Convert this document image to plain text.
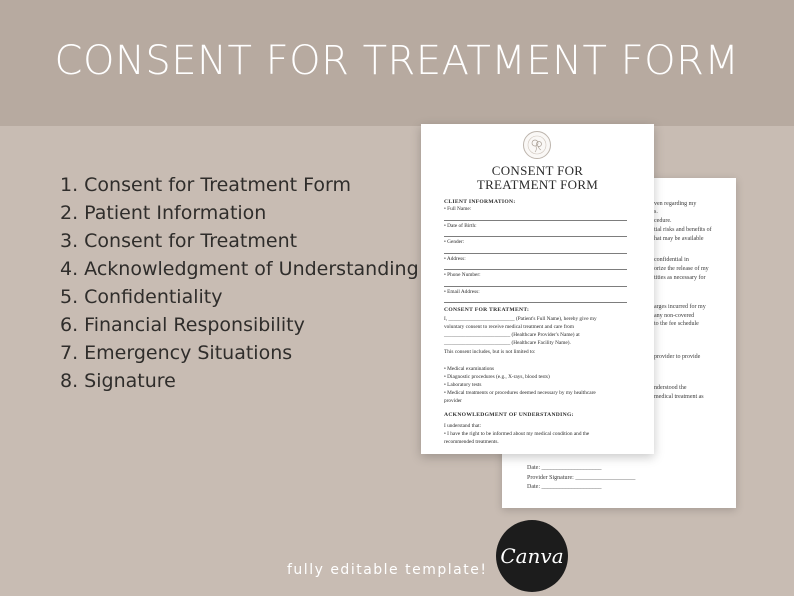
CONSENT FOR TREATMENT FORM
1. Consent for Treatment Form
2. Patient Information
3. Consent for Treatment
4. Acknowledgment of Understanding
5. Confidentiality
6. Financial Responsibility
7. Emergency Situations
8. Signature
ven regarding my
s.
cedure.
tial risks and benefits of
hat may be available
confidential in
orize the release of my
tities as necessary for
arges incurred for my
any non-covered
to the fee schedule
provider to provide
nderstood the
medical treatment as
Date: ____________________
Provider Signature: ____________________
Date: ____________________
CONSENT FOR
TREATMENT FORM
CLIENT INFORMATION:
• Full Name:
• Date of Birth:
• Gender:
• Address:
• Phone Number:
• Email Address:
CONSENT FOR TREATMENT:
I, _________________________ (Patient's Full Name), hereby give my
voluntary consent to receive medical treatment and care from
_________________________ (Healthcare Provider's Name) at
_________________________ (Healthcare Facility Name).
This consent includes, but is not limited to:
• Medical examinations
• Diagnostic procedures (e.g., X-rays, blood tests)
• Laboratory tests
• Medical treatments or procedures deemed necessary by my healthcare
provider
ACKNOWLEDGMENT OF UNDERSTANDING:
I understand that:
• I have the right to be informed about my medical condition and the
recommended treatments.
fully editable template!
Canva
